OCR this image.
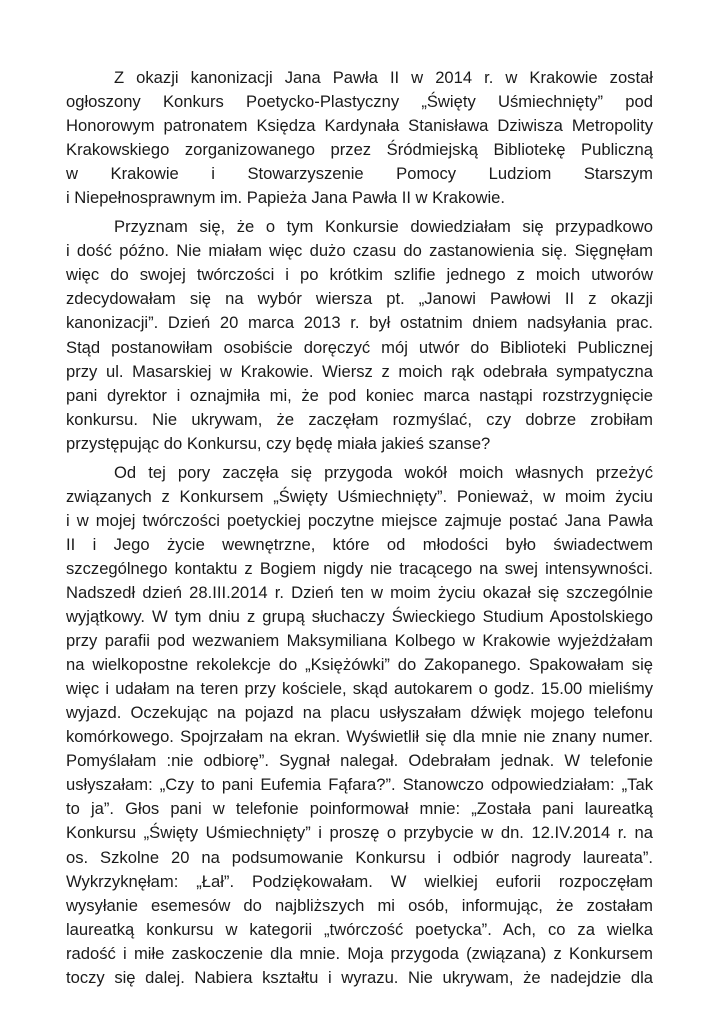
Z okazji kanonizacji Jana Pawła II w 2014 r. w Krakowie został
ogłoszony Konkurs Poetycko-Plastyczny „Święty Uśmiechnięty” pod
Honorowym patronatem Księdza Kardynała Stanisława Dziwisza Metropolity
Krakowskiego zorganizowanego przez Śródmiejską Bibliotekę Publiczną
w Krakowie i Stowarzyszenie Pomocy Ludziom Starszym
i Niepełnosprawnym im. Papieża Jana Pawła II w Krakowie.
Przyznam się, że o tym Konkursie dowiedziałam się przypadkowo
i dość późno. Nie miałam więc dużo czasu do zastanowienia się. Sięgnęłam
więc do swojej twórczości i po krótkim szlifie jednego z moich utworów
zdecydowałam się na wybór wiersza pt. „Janowi Pawłowi II z okazji
kanonizacji”. Dzień 20 marca 2013 r. był ostatnim dniem nadsyłania prac.
Stąd postanowiłam osobiście doręczyć mój utwór do Biblioteki Publicznej
przy ul. Masarskiej w Krakowie. Wiersz z moich rąk odebrała sympatyczna
pani dyrektor i oznajmiła mi, że pod koniec marca nastąpi rozstrzygnięcie
konkursu. Nie ukrywam, że zaczęłam rozmyślać, czy dobrze zrobiłam
przystępując do Konkursu, czy będę miała jakieś szanse?
Od tej pory zaczęła się przygoda wokół moich własnych przeżyć
związanych z Konkursem „Święty Uśmiechnięty”. Ponieważ, w moim życiu
i w mojej twórczości poetyckiej poczytne miejsce zajmuje postać Jana Pawła
II i Jego życie wewnętrzne, które od młodości było świadectwem
szczególnego kontaktu z Bogiem nigdy nie tracącego na swej intensywności.
Nadszedł dzień 28.III.2014 r. Dzień ten w moim życiu okazał się szczególnie
wyjątkowy. W tym dniu z grupą słuchaczy Świeckiego Studium Apostolskiego
przy parafii pod wezwaniem Maksymiliana Kolbego w Krakowie wyjeżdżałam
na wielkopostne rekolekcje do „Księżówki” do Zakopanego. Spakowałam się
więc i udałam na teren przy kościele, skąd autokarem o godz. 15.00 mieliśmy
wyjazd. Oczekując na pojazd na placu usłyszałam dźwięk mojego telefonu
komórkowego. Spojrzałam na ekran. Wyświetlił się dla mnie nie znany numer.
Pomyślałam :nie odbiorę”. Sygnał nalegał. Odebrałam jednak. W telefonie
usłyszałam: „Czy to pani Eufemia Fąfara?”. Stanowczo odpowiedziałam: „Tak
to ja”. Głos pani w telefonie poinformował mnie: „Została pani laureatką
Konkursu „Święty Uśmiechnięty” i proszę o przybycie w dn. 12.IV.2014 r. na
os. Szkolne 20 na podsumowanie Konkursu i odbiór nagrody laureata”.
Wykrzyknęłam: „Łał”. Podziękowałam. W wielkiej euforii rozpoczęłam
wysyłanie esemesów do najbliższych mi osób, informując, że zostałam
laureatką konkursu w kategorii „twórczość poetycka”. Ach, co za wielka
radość i miłe zaskoczenie dla mnie. Moja przygoda (związana) z Konkursem
toczy się dalej. Nabiera kształtu i wyrazu. Nie ukrywam, że nadejdzie dla
